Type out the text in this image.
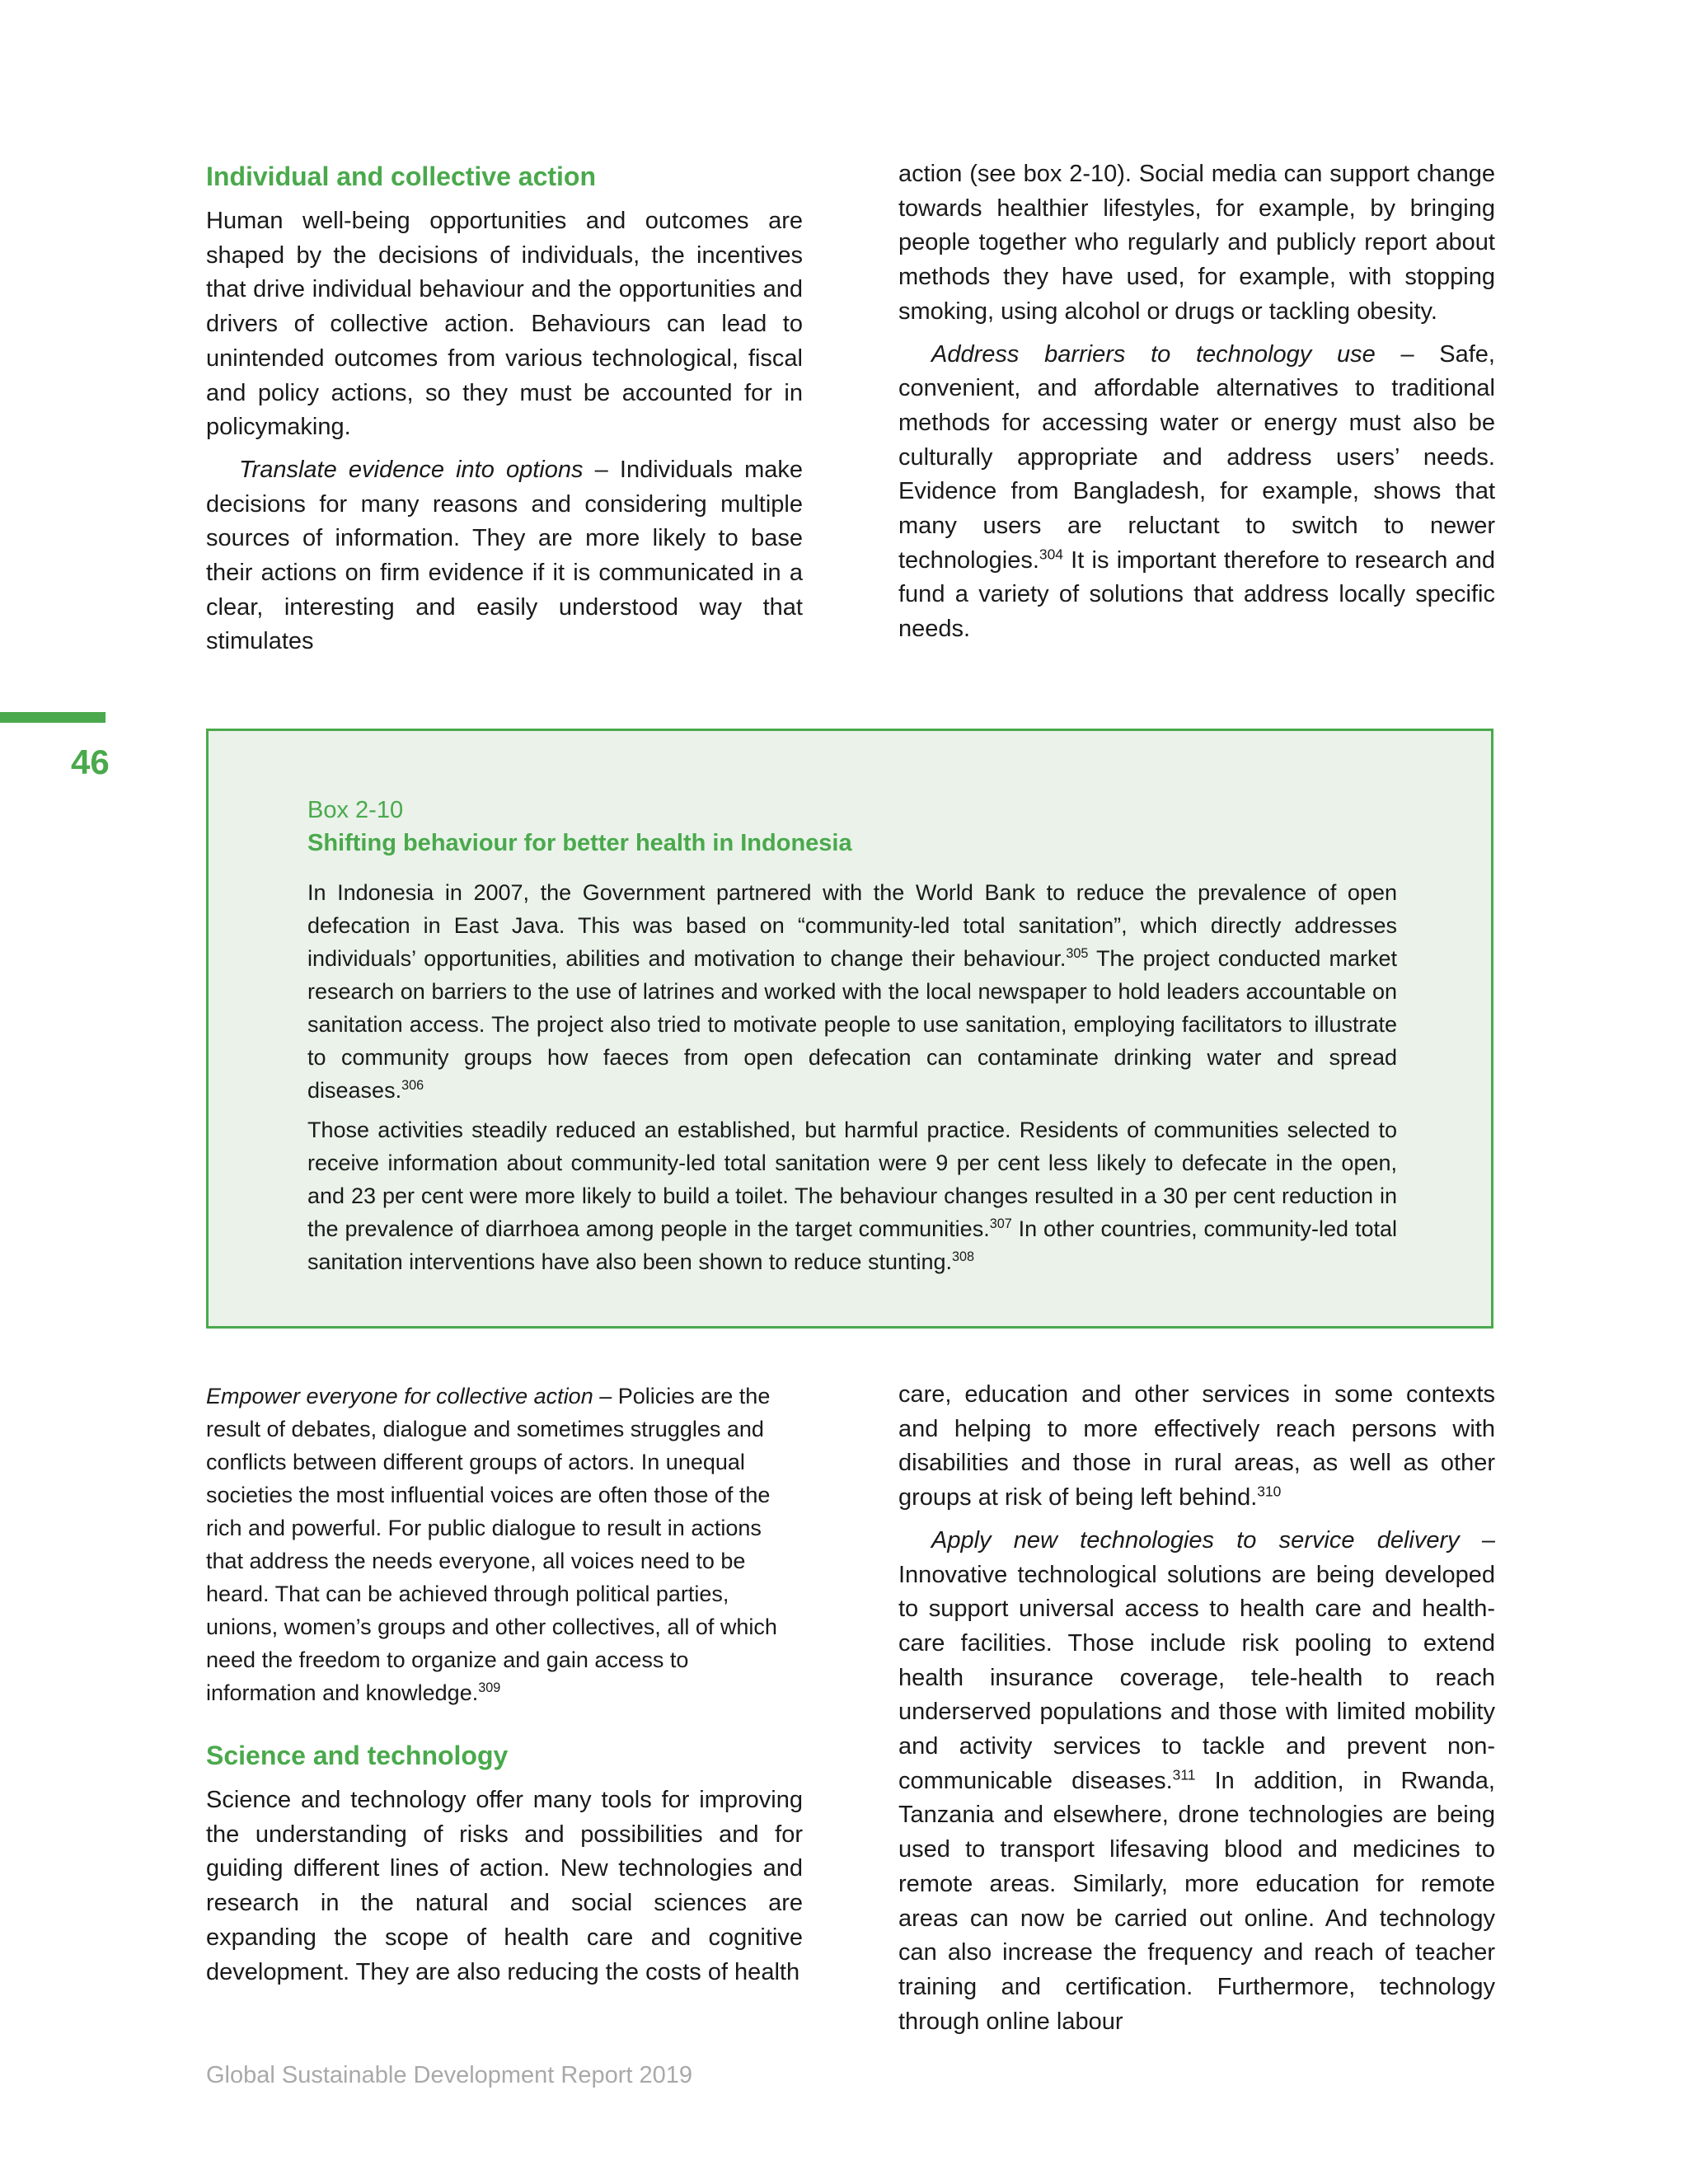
Individual and collective action

Human well-being opportunities and outcomes are shaped by the decisions of individuals, the incentives that drive individual behaviour and the opportunities and drivers of collective action. Behaviours can lead to unintended outcomes from various technological, fiscal and policy actions, so they must be accounted for in policymaking.

Translate evidence into options – Individuals make decisions for many reasons and considering multiple sources of information. They are more likely to base their actions on firm evidence if it is communicated in a clear, interesting and easily understood way that stimulates

action (see box 2-10). Social media can support change towards healthier lifestyles, for example, by bringing people together who regularly and publicly report about methods they have used, for example, with stopping smoking, using alcohol or drugs or tackling obesity.

Address barriers to technology use – Safe, convenient, and affordable alternatives to traditional methods for accessing water or energy must also be culturally appropriate and address users’ needs. Evidence from Bangladesh, for example, shows that many users are reluctant to switch to newer technologies.$^{304}$ It is important therefore to research and fund a variety of solutions that address locally specific needs.

46
Box 2-10
Shifting behaviour for better health in Indonesia

In Indonesia in 2007, the Government partnered with the World Bank to reduce the prevalence of open defecation in East Java. This was based on “community-led total sanitation”, which directly addresses individuals’ opportunities, abilities and motivation to change their behaviour.$^{305}$ The project conducted market research on barriers to the use of latrines and worked with the local newspaper to hold leaders accountable on sanitation access. The project also tried to motivate people to use sanitation, employing facilitators to illustrate to community groups how faeces from open defecation can contaminate drinking water and spread diseases.$^{306}$

Those activities steadily reduced an established, but harmful practice. Residents of communities selected to receive information about community-led total sanitation were 9 per cent less likely to defecate in the open, and 23 per cent were more likely to build a toilet. The behaviour changes resulted in a 30 per cent reduction in the prevalence of diarrhoea among people in the target communities.$^{307}$ In other countries, community-led total sanitation interventions have also been shown to reduce stunting.$^{308}$

Empower everyone for collective action – Policies are the result of debates, dialogue and sometimes struggles and conflicts between different groups of actors. In unequal societies the most influential voices are often those of the rich and powerful. For public dialogue to result in actions that address the needs everyone, all voices need to be heard. That can be achieved through political parties, unions, women’s groups and other collectives, all of which need the freedom to organize and gain access to information and knowledge.$^{309}$

Science and technology

Science and technology offer many tools for improving the understanding of risks and possibilities and for guiding different lines of action. New technologies and research in the natural and social sciences are expanding the scope of health care and cognitive development. They are also reducing the costs of health

care, education and other services in some contexts and helping to more effectively reach persons with disabilities and those in rural areas, as well as other groups at risk of being left behind.$^{310}$

Apply new technologies to service delivery – Innovative technological solutions are being developed to support universal access to health care and health-care facilities. Those include risk pooling to extend health insurance coverage, tele-health to reach underserved populations and those with limited mobility and activity services to tackle and prevent non-communicable diseases.$^{311}$ In addition, in Rwanda, Tanzania and elsewhere, drone technologies are being used to transport lifesaving blood and medicines to remote areas. Similarly, more education for remote areas can now be carried out online. And technology can also increase the frequency and reach of teacher training and certification. Furthermore, technology through online labour

Global Sustainable Development Report 2019
